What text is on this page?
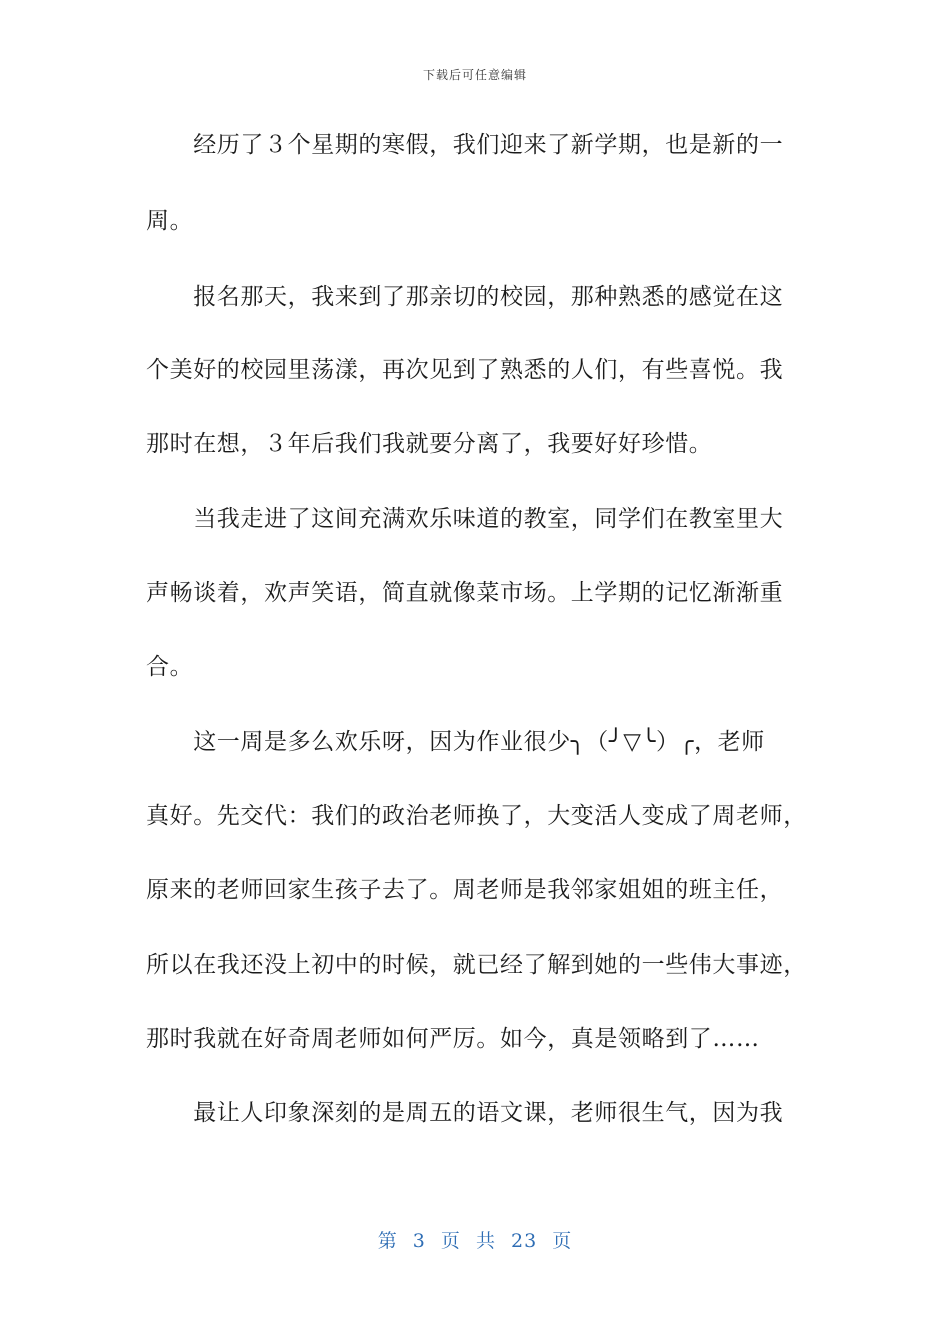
下载后可任意编辑
　　经历了３个星期的寒假，我们迎来了新学期，也是新的一
周。
　　报名那天，我来到了那亲切的校园，那种熟悉的感觉在这
个美好的校园里荡漾，再次见到了熟悉的人们，有些喜悦。我
那时在想，３年后我们我就要分离了，我要好好珍惜。
　　当我走进了这间充满欢乐味道的教室，同学们在教室里大
声畅谈着，欢声笑语，简直就像菜市场。上学期的记忆渐渐重
合。
　　这一周是多么欢乐呀，因为作业很少╮（╯▽╰）╭，老师
真好。先交代：我们的政治老师换了，大变活人变成了周老师，
原来的老师回家生孩子去了。周老师是我邻家姐姐的班主任，
所以在我还没上初中的时候，就已经了解到她的一些伟大事迹，
那时我就在好奇周老师如何严厉。如今，真是领略到了……
　　最让人印象深刻的是周五的语文课，老师很生气，因为我
第 3 页 共 23 页
